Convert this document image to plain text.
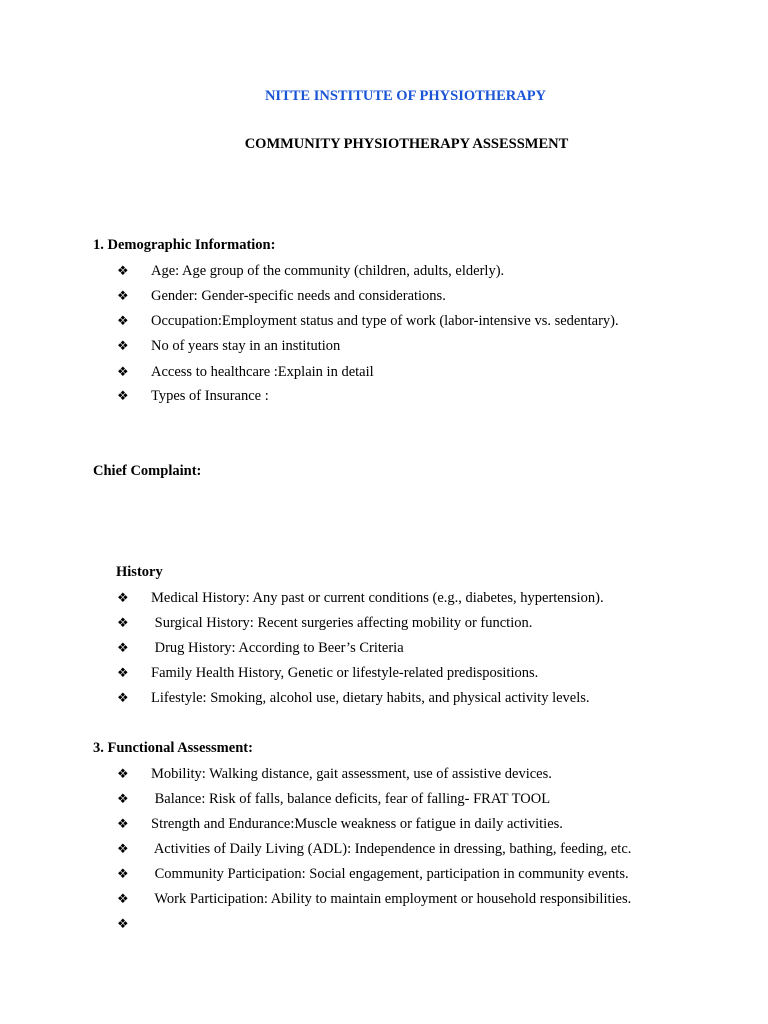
NITTE INSTITUTE OF PHYSIOTHERAPY
COMMUNITY PHYSIOTHERAPY ASSESSMENT
1. Demographic Information:
❖ Age: Age group of the community (children, adults, elderly).
❖ Gender: Gender-specific needs and considerations.
❖ Occupation:Employment status and type of work (labor-intensive vs. sedentary).
❖ No of years stay in an institution
❖ Access to healthcare :Explain in detail
❖ Types of Insurance :
Chief Complaint:
History
❖ Medical History: Any past or current conditions (e.g., diabetes, hypertension).
❖ Surgical History: Recent surgeries affecting mobility or function.
❖ Drug History: According to Beer’s Criteria
❖ Family Health History, Genetic or lifestyle-related predispositions.
❖ Lifestyle: Smoking, alcohol use, dietary habits, and physical activity levels.
3. Functional Assessment:
❖ Mobility: Walking distance, gait assessment, use of assistive devices.
❖ Balance: Risk of falls, balance deficits, fear of falling- FRAT TOOL
❖ Strength and Endurance:Muscle weakness or fatigue in daily activities.
❖ Activities of Daily Living (ADL): Independence in dressing, bathing, feeding, etc.
❖ Community Participation: Social engagement, participation in community events.
❖ Work Participation: Ability to maintain employment or household responsibilities.
❖
